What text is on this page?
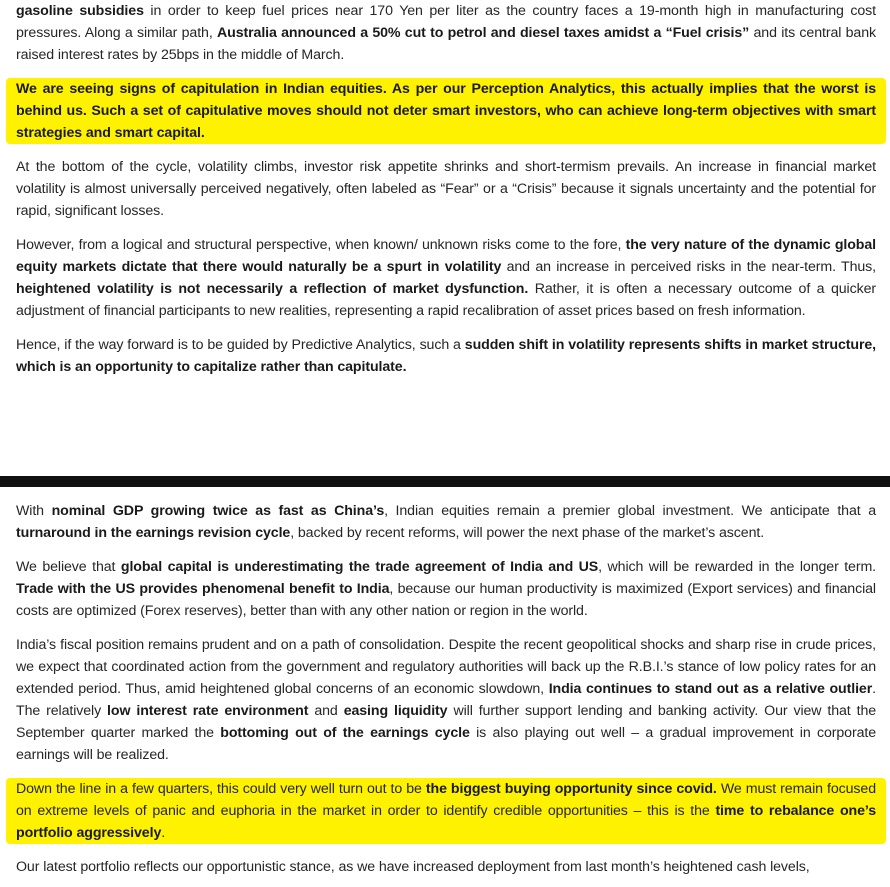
gasoline subsidies in order to keep fuel prices near 170 Yen per liter as the country faces a 19-month high in manufacturing cost pressures. Along a similar path, Australia announced a 50% cut to petrol and diesel taxes amidst a “Fuel crisis” and its central bank raised interest rates by 25bps in the middle of March.

We are seeing signs of capitulation in Indian equities. As per our Perception Analytics, this actually implies that the worst is behind us. Such a set of capitulative moves should not deter smart investors, who can achieve long-term objectives with smart strategies and smart capital.

At the bottom of the cycle, volatility climbs, investor risk appetite shrinks and short-termism prevails. An increase in financial market volatility is almost universally perceived negatively, often labeled as “Fear” or a “Crisis” because it signals uncertainty and the potential for rapid, significant losses.

However, from a logical and structural perspective, when known/ unknown risks come to the fore, the very nature of the dynamic global equity markets dictate that there would naturally be a spurt in volatility and an increase in perceived risks in the near-term. Thus, heightened volatility is not necessarily a reflection of market dysfunction. Rather, it is often a necessary outcome of a quicker adjustment of financial participants to new realities, representing a rapid recalibration of asset prices based on fresh information.

Hence, if the way forward is to be guided by Predictive Analytics, such a sudden shift in volatility represents shifts in market structure, which is an opportunity to capitalize rather than capitulate.

With nominal GDP growing twice as fast as China’s, Indian equities remain a premier global investment. We anticipate that a turnaround in the earnings revision cycle, backed by recent reforms, will power the next phase of the market’s ascent.

We believe that global capital is underestimating the trade agreement of India and US, which will be rewarded in the longer term. Trade with the US provides phenomenal benefit to India, because our human productivity is maximized (Export services) and financial costs are optimized (Forex reserves), better than with any other nation or region in the world.

India’s fiscal position remains prudent and on a path of consolidation. Despite the recent geopolitical shocks and sharp rise in crude prices, we expect that coordinated action from the government and regulatory authorities will back up the R.B.I.’s stance of low policy rates for an extended period. Thus, amid heightened global concerns of an economic slowdown, India continues to stand out as a relative outlier. The relatively low interest rate environment and easing liquidity will further support lending and banking activity. Our view that the September quarter marked the bottoming out of the earnings cycle is also playing out well – a gradual improvement in corporate earnings will be realized.

Down the line in a few quarters, this could very well turn out to be the biggest buying opportunity since covid. We must remain focused on extreme levels of panic and euphoria in the market in order to identify credible opportunities – this is the time to rebalance one’s portfolio aggressively.

Our latest portfolio reflects our opportunistic stance, as we have increased deployment from last month’s heightened cash levels,
